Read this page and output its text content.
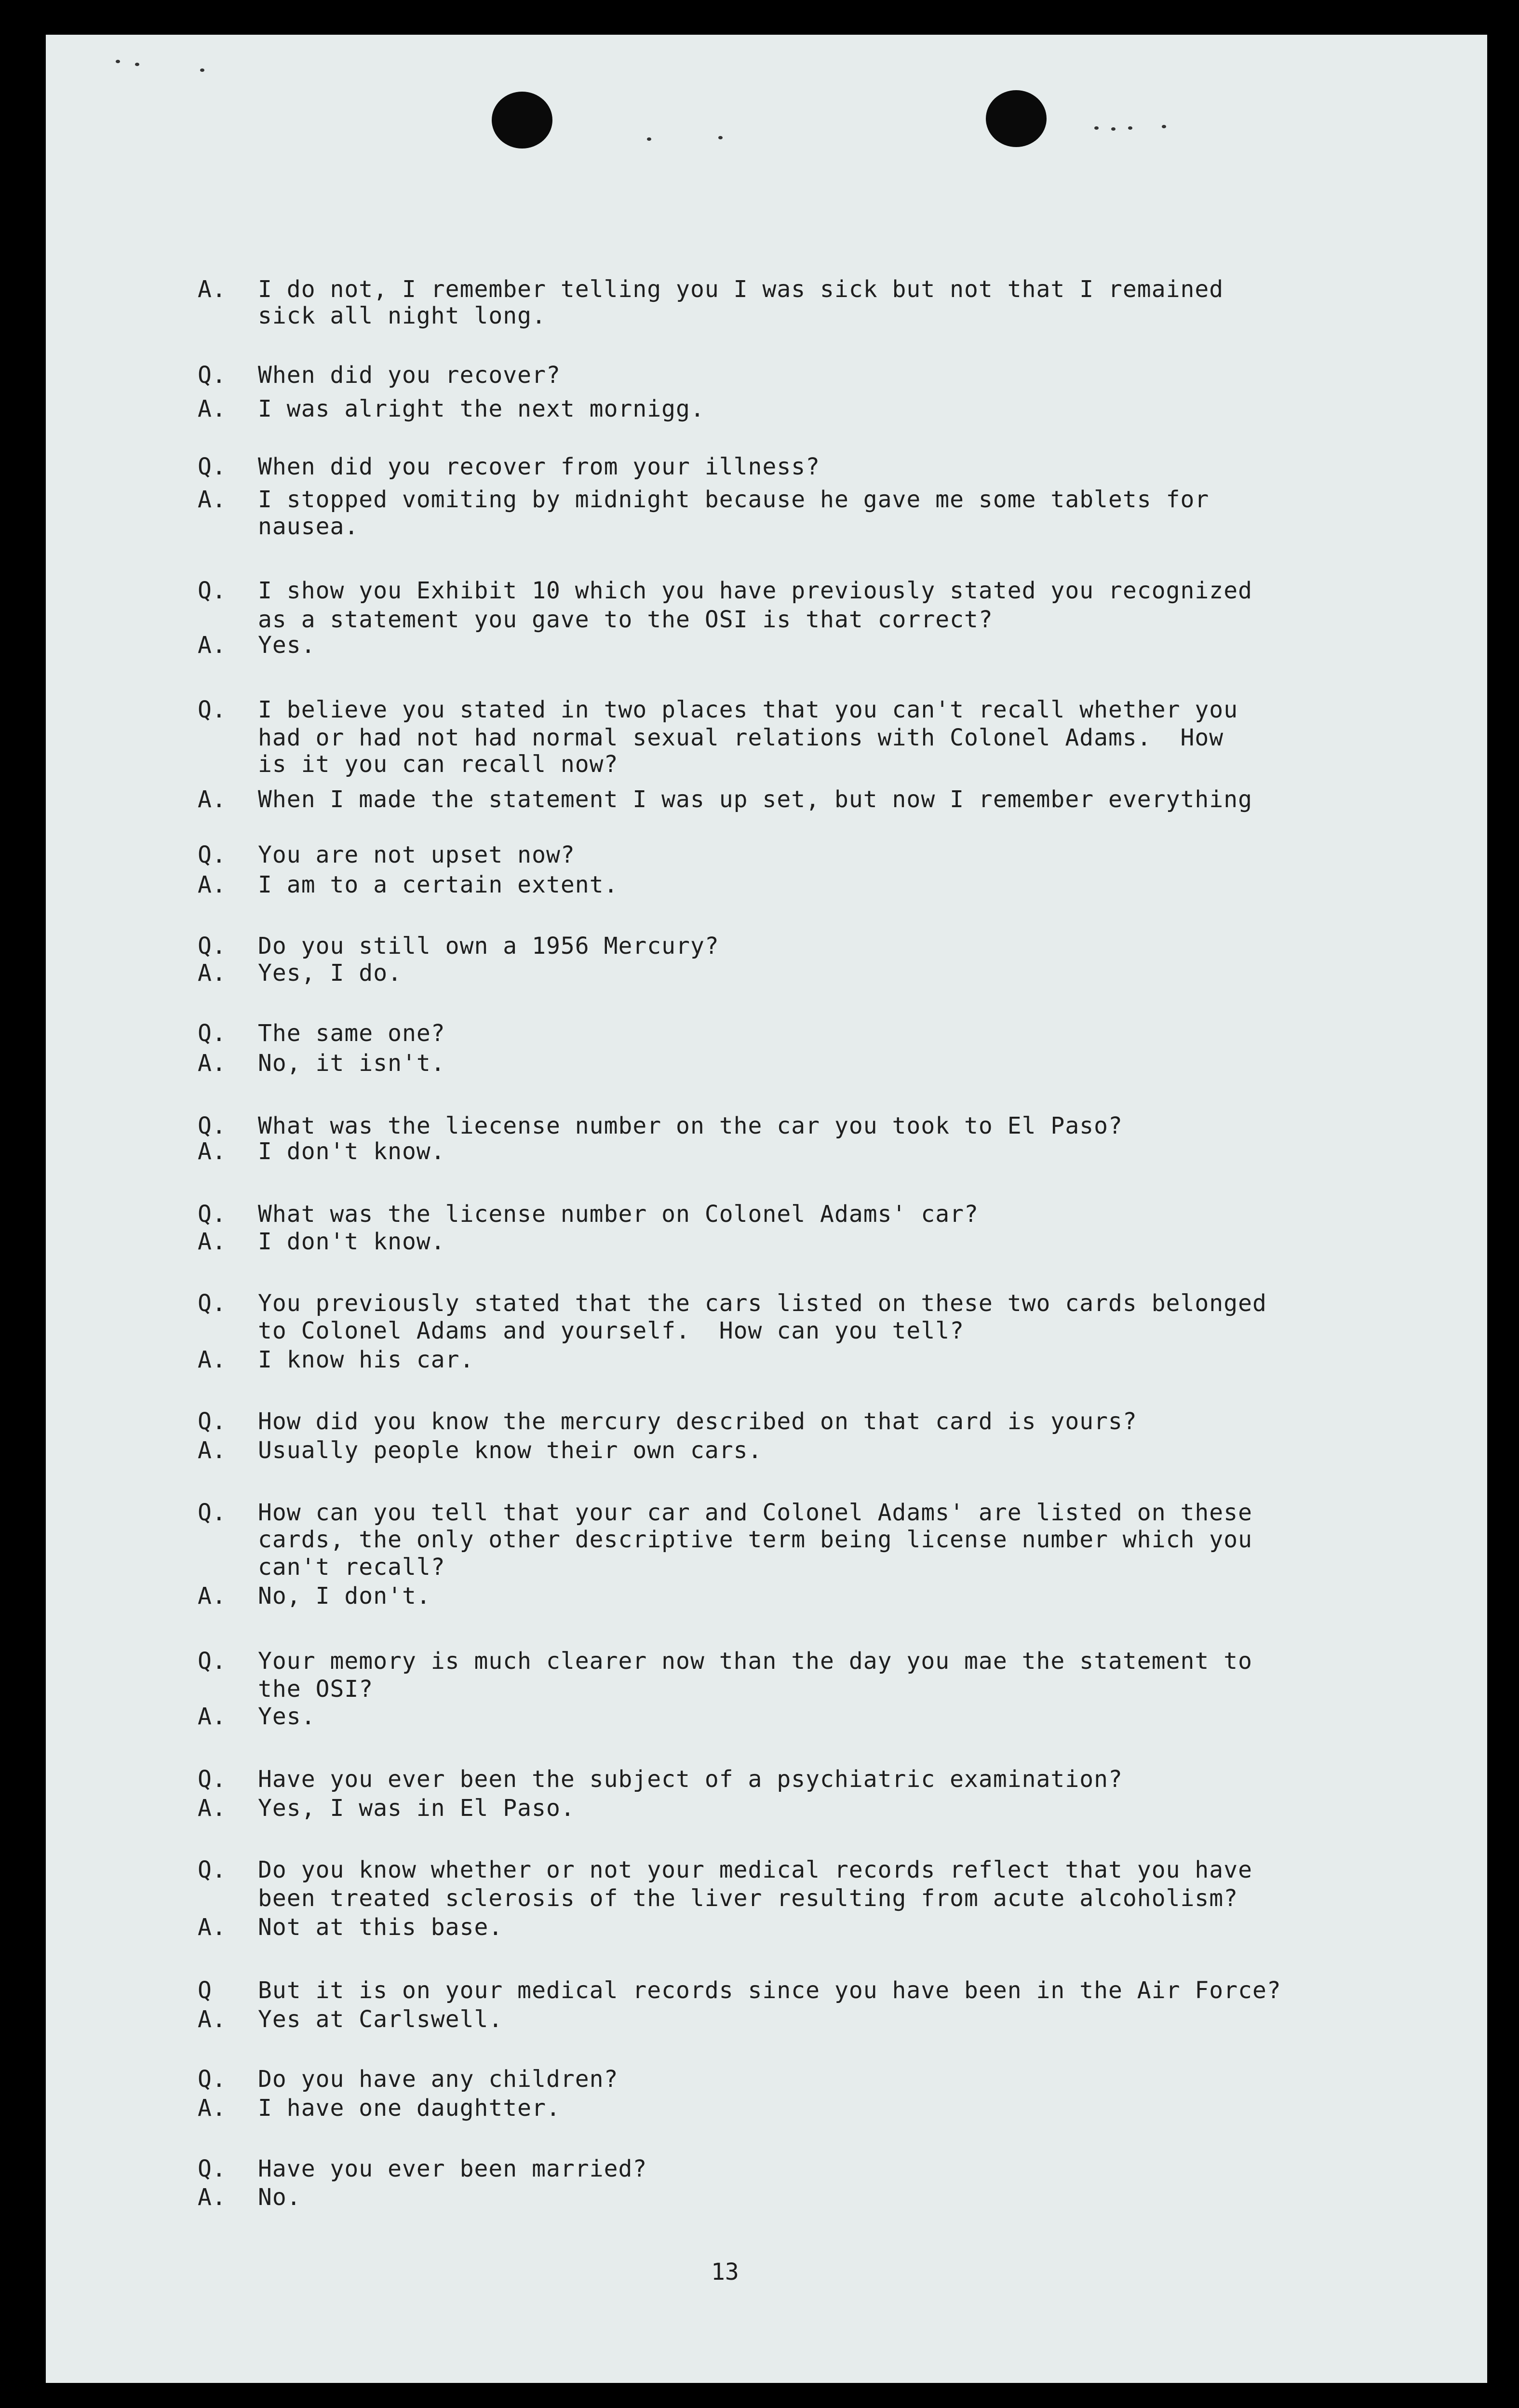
A. I do not, I remember telling you I was sick but not that I remained
sick all night long.
Q. When did you recover?
A. I was alright the next mornigg.
Q. When did you recover from your illness?
A. I stopped vomiting by midnight because he gave me some tablets for
nausea.
Q. I show you Exhibit 10 which you have previously stated you recognized
as a statement you gave to the OSI is that correct?
A. Yes.
Q. I believe you stated in two places that you can't recall whether you
had or had not had normal sexual relations with Colonel Adams.  How
is it you can recall now?
A. When I made the statement I was up set, but now I remember everything
Q. You are not upset now?
A. I am to a certain extent.
Q. Do you still own a 1956 Mercury?
A. Yes, I do.
Q. The same one?
A. No, it isn't.
Q. What was the liecense number on the car you took to El Paso?
A. I don't know.
Q. What was the license number on Colonel Adams' car?
A. I don't know.
Q. You previously stated that the cars listed on these two cards belonged
to Colonel Adams and yourself.  How can you tell?
A. I know his car.
Q. How did you know the mercury described on that card is yours?
A. Usually people know their own cars.
Q. How can you tell that your car and Colonel Adams' are listed on these
cards, the only other descriptive term being license number which you
can't recall?
A. No, I don't.
Q. Your memory is much clearer now than the day you mae the statement to
the OSI?
A. Yes.
Q. Have you ever been the subject of a psychiatric examination?
A. Yes, I was in El Paso.
Q. Do you know whether or not your medical records reflect that you have
been treated sclerosis of the liver resulting from acute alcoholism?
A. Not at this base.
Q But it is on your medical records since you have been in the Air Force?
A. Yes at Carlswell.
Q. Do you have any children?
A. I have one daughtter.
Q. Have you ever been married?
A. No.
13
